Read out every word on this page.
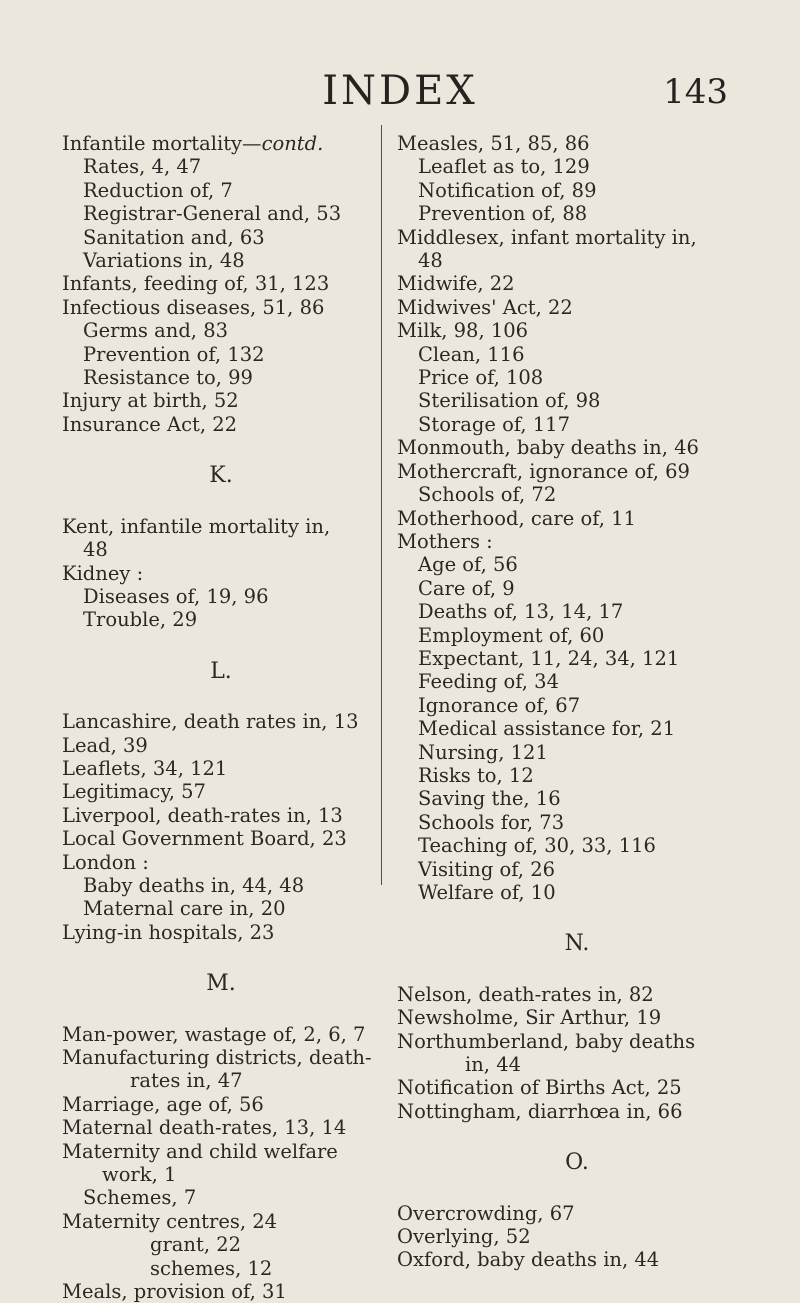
INDEX	143
Infantile mortality—contd.
Rates, 4, 47
Reduction of, 7
Registrar-General and, 53
Sanitation and, 63
Variations in, 48
Infants, feeding of, 31, 123
Infectious diseases, 51, 86
Germs and, 83
Prevention of, 132
Resistance to, 99
Injury at birth, 52
Insurance Act, 22
K.
Kent, infantile mortality in,
48
Kidney :
Diseases of, 19, 96
Trouble, 29
L.
Lancashire, death rates in, 13
Lead, 39
Leaflets, 34, 121
Legitimacy, 57
Liverpool, death-rates in, 13
Local Government Board, 23
London :
Baby deaths in, 44, 48
Maternal care in, 20
Lying-in hospitals, 23
M.
Man-power, wastage of, 2, 6, 7
Manufacturing districts, death-
rates in, 47
Marriage, age of, 56
Maternal death-rates, 13, 14
Maternity and child welfare
work, 1
Schemes, 7
Maternity centres, 24
grant, 22
schemes, 12
Meals, provision of, 31
Measles, 51, 85, 86
Leaflet as to, 129
Notification of, 89
Prevention of, 88
Middlesex, infant mortality in,
48
Midwife, 22
Midwives' Act, 22
Milk, 98, 106
Clean, 116
Price of, 108
Sterilisation of, 98
Storage of, 117
Monmouth, baby deaths in, 46
Mothercraft, ignorance of, 69
Schools of, 72
Motherhood, care of, 11
Mothers :
Age of, 56
Care of, 9
Deaths of, 13, 14, 17
Employment of, 60
Expectant, 11, 24, 34, 121
Feeding of, 34
Ignorance of, 67
Medical assistance for, 21
Nursing, 121
Risks to, 12
Saving the, 16
Schools for, 73
Teaching of, 30, 33, 116
Visiting of, 26
Welfare of, 10
N.
Nelson, death-rates in, 82
Newsholme, Sir Arthur, 19
Northumberland, baby deaths
in, 44
Notification of Births Act, 25
Nottingham, diarrhœa in, 66
O.
Overcrowding, 67
Overlying, 52
Oxford, baby deaths in, 44
